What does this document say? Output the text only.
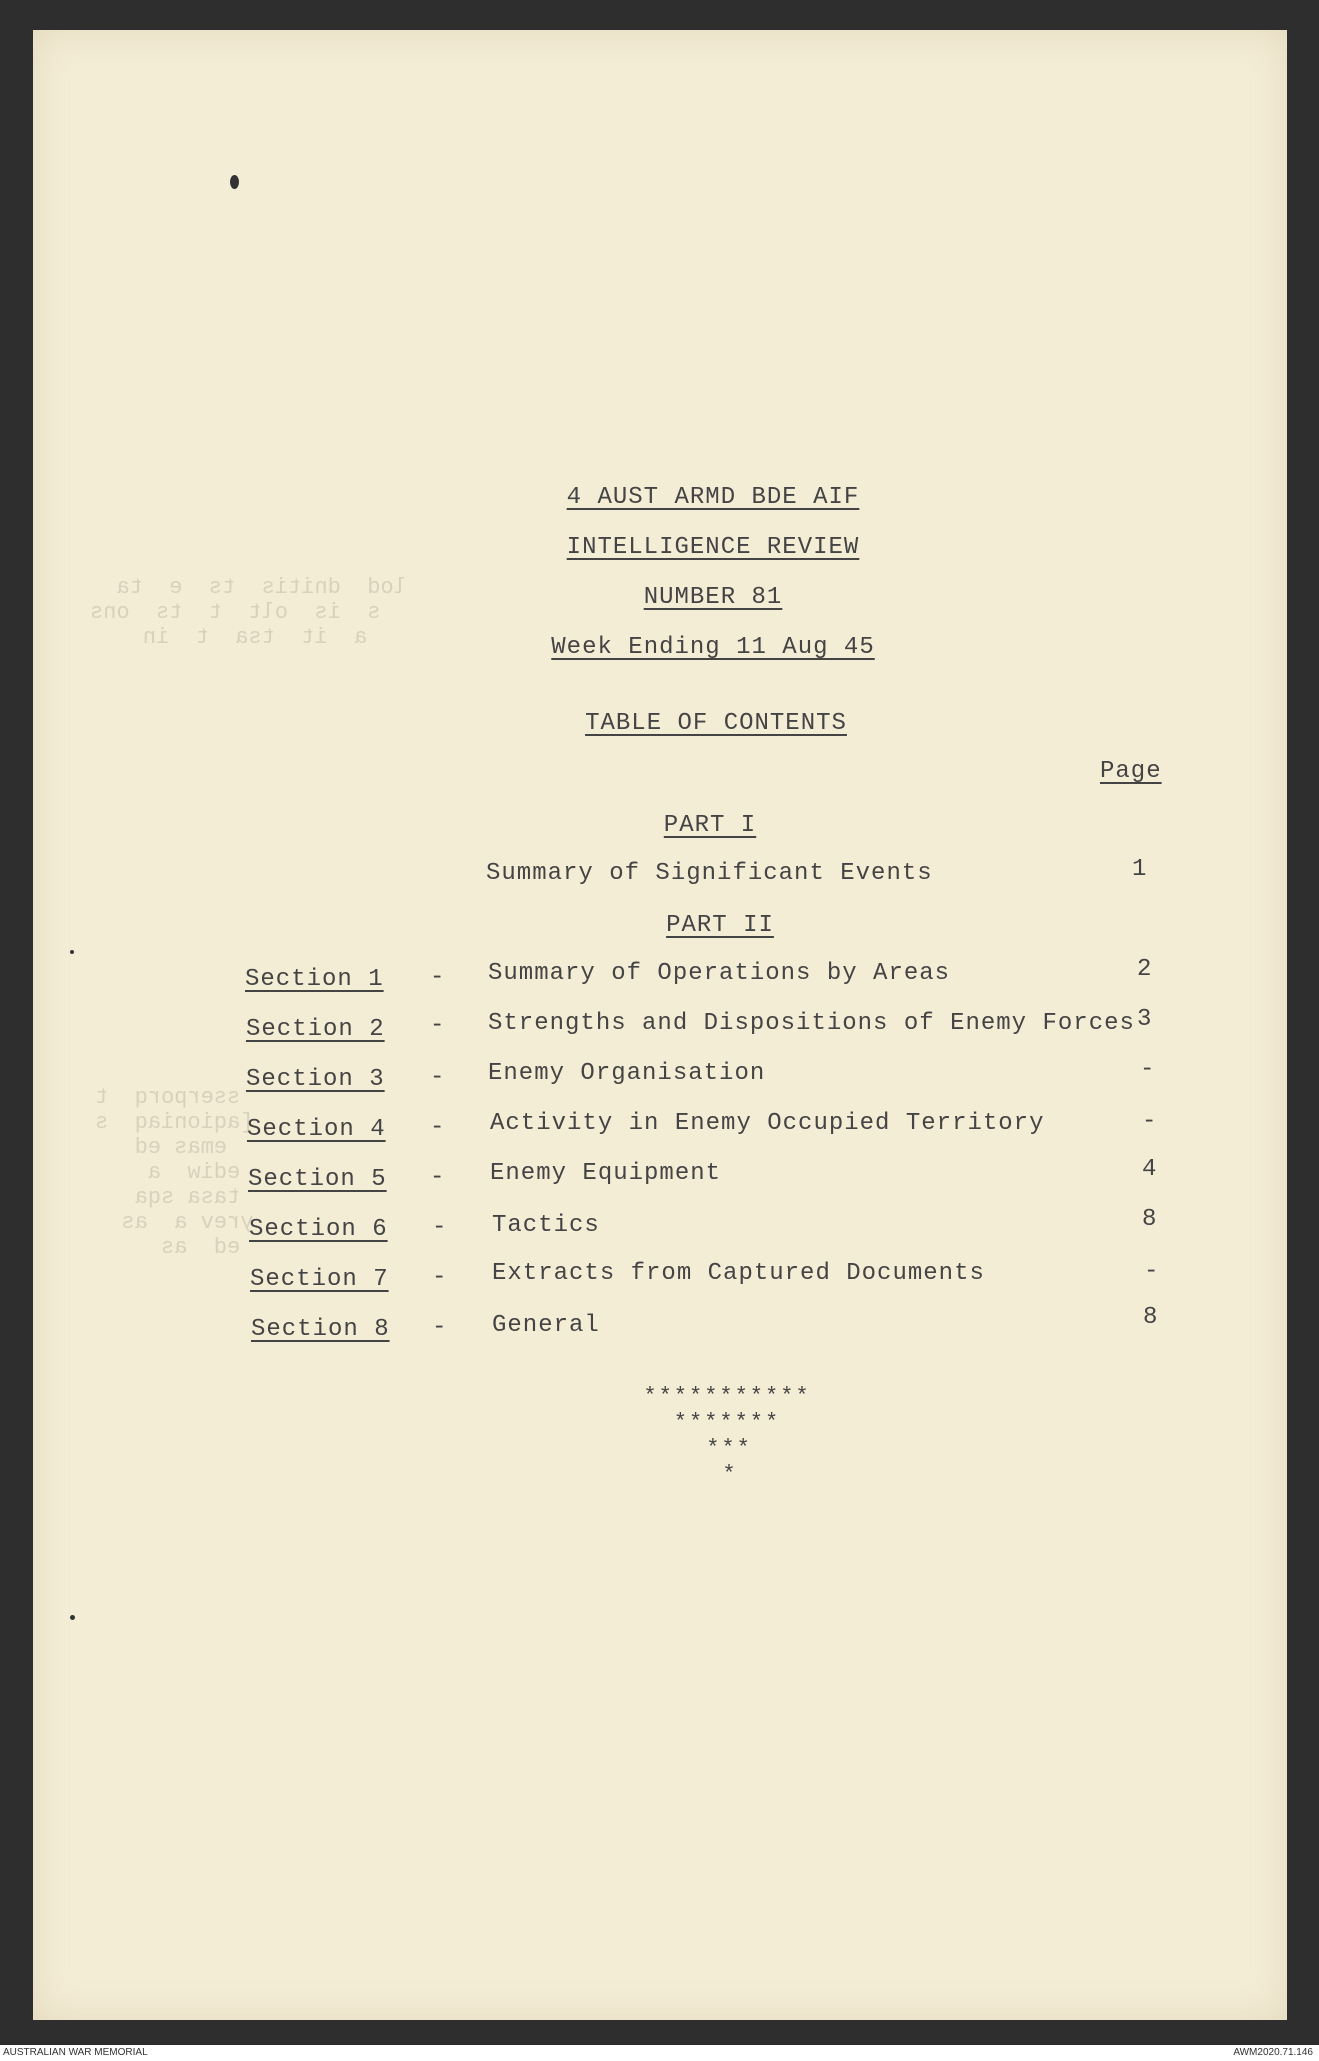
lod  dnitis  ts  e  ta
s  is  olt  t  ts  ons
a  it  tsa  t  in

sserporq  t
[aqioniaq  s
emas ed
ediw  a
tasa sqa
yrev a  as
ed  as

4 AUST ARMD BDE AIF
INTELLIGENCE REVIEW
NUMBER 81
Week Ending 11 Aug 45
TABLE OF CONTENTS
Page
PART I
Summary of Significant Events	1
PART II
Section 1 - Summary of Operations by Areas	2
Section 2 - Strengths and Dispositions of Enemy Forces 3
Section 3 - Enemy Organisation	-
Section 4 - Activity in Enemy Occupied Territory	-
Section 5 - Enemy Equipment	4
Section 6 - Tactics	8
Section 7 - Extracts from Captured Documents	-
Section 8 - General	8
***********
*******
***
*
AUSTRALIAN WAR MEMORIAL	AWM2020.71.146
